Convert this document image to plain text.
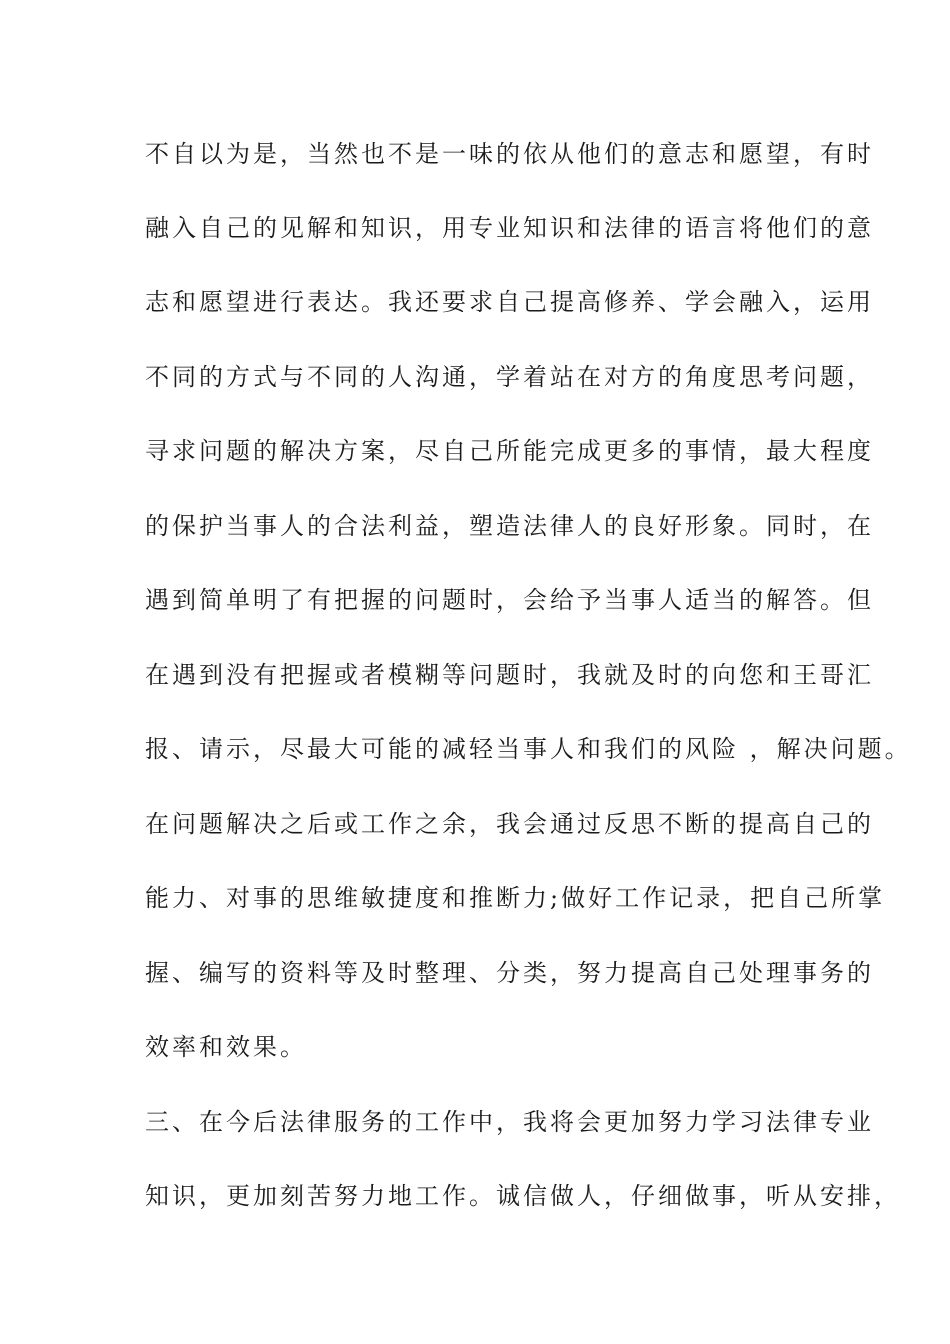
不自以为是，当然也不是一味的依从他们的意志和愿望，有时
融入自己的见解和知识，用专业知识和法律的语言将他们的意
志和愿望进行表达。我还要求自己提高修养、学会融入，运用
不同的方式与不同的人沟通，学着站在对方的角度思考问题，
寻求问题的解决方案，尽自己所能完成更多的事情，最大程度
的保护当事人的合法利益，塑造法律人的良好形象。同时，在
遇到简单明了有把握的问题时，会给予当事人适当的解答。但
在遇到没有把握或者模糊等问题时，我就及时的向您和王哥汇
报、请示，尽最大可能的减轻当事人和我们的风险 ，解决问题。
在问题解决之后或工作之余，我会通过反思不断的提高自己的
能力、对事的思维敏捷度和推断力;做好工作记录，把自己所掌
握、编写的资料等及时整理、分类，努力提高自己处理事务的
效率和效果。
三、在今后法律服务的工作中，我将会更加努力学习法律专业
知识，更加刻苦努力地工作。诚信做人，仔细做事，听从安排，
